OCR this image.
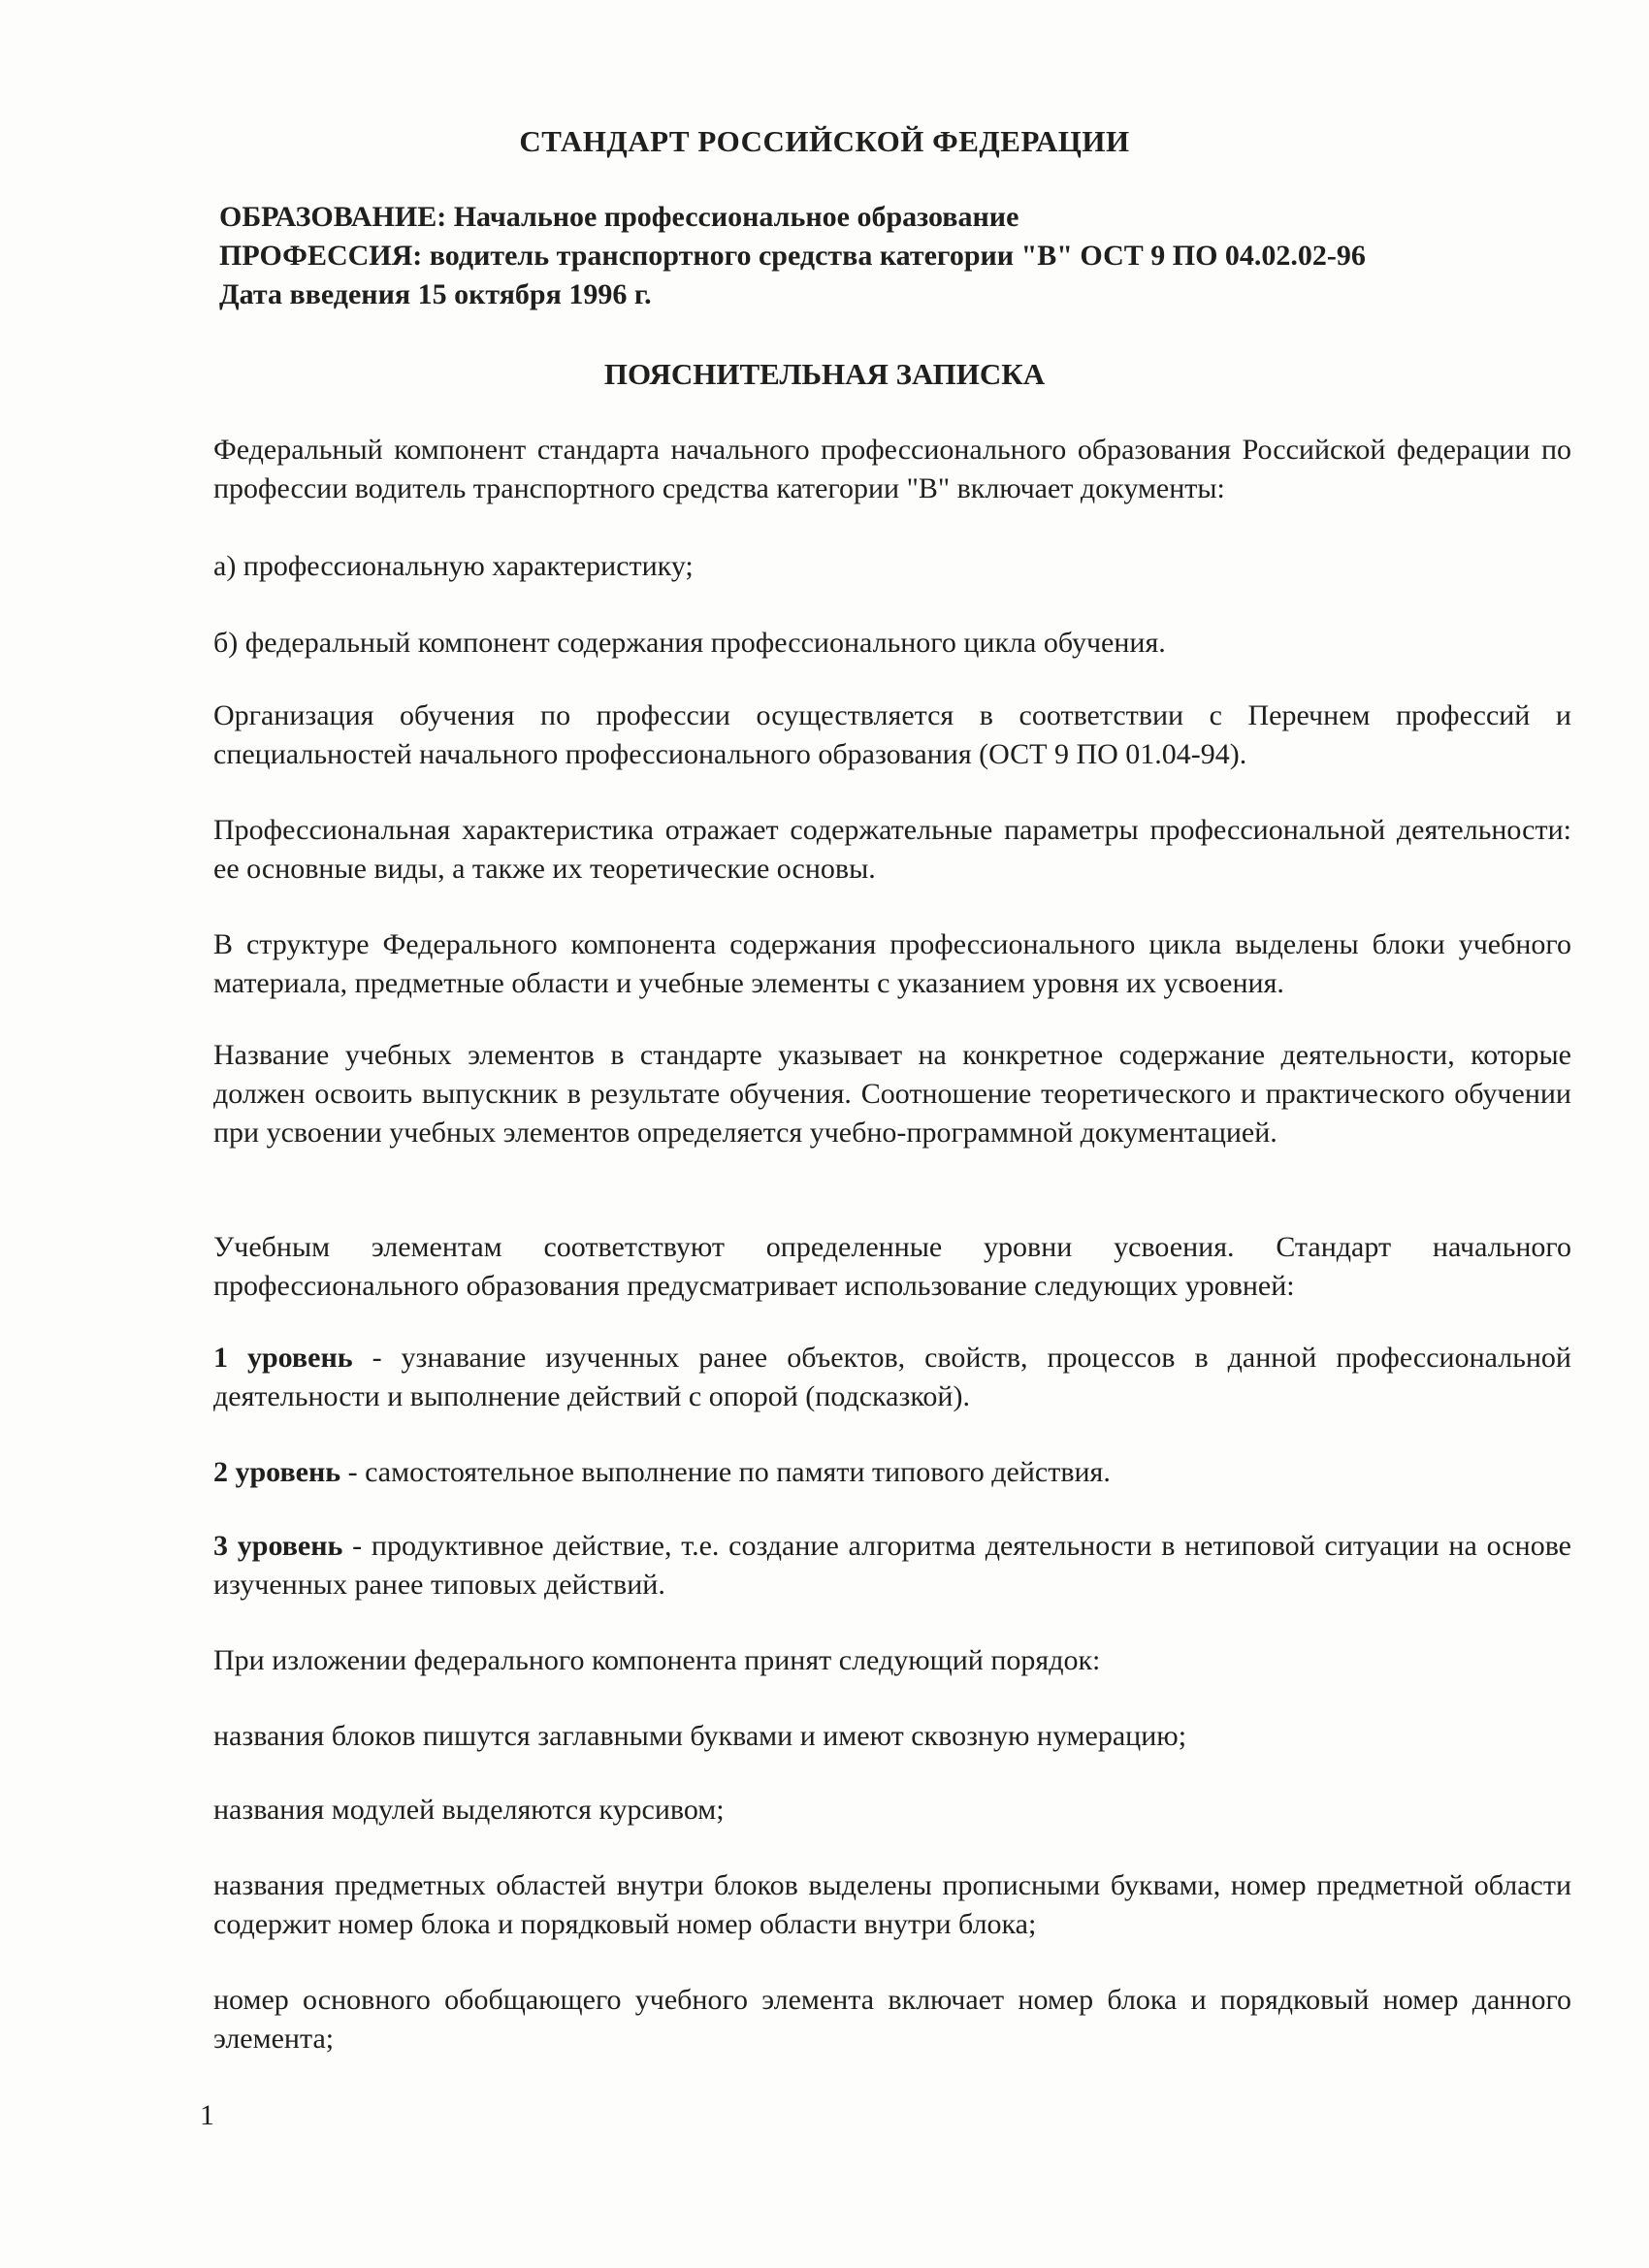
СТАНДАРТ РОССИЙСКОЙ ФЕДЕРАЦИИ
ОБРАЗОВАНИЕ: Начальное профессиональное образование
ПРОФЕССИЯ: водитель транспортного средства категории "В" ОСТ 9 ПО 04.02.02-96
Дата введения 15 октября 1996 г.
ПОЯСНИТЕЛЬНАЯ ЗАПИСКА
Федеральный компонент стандарта начального профессионального образования Российской федерации по профессии водитель транспортного средства категории "В" включает документы:
а) профессиональную характеристику;
б) федеральный компонент содержания профессионального цикла обучения.
Организация обучения по профессии осуществляется в соответствии с Перечнем профессий и специальностей начального профессионального образования (ОСТ 9 ПО 01.04-94).
Профессиональная характеристика отражает содержательные параметры профессиональной деятельности: ее основные виды, а также их теоретические основы.
В структуре Федерального компонента содержания профессионального цикла выделены блоки учебного материала, предметные области и учебные элементы с указанием уровня их усвоения.
Название учебных элементов в стандарте указывает на конкретное содержание деятельности, которые должен освоить выпускник в результате обучения. Соотношение теоретического и практического обучении при усвоении учебных элементов определяется учебно-программной документацией.
Учебным элементам соответствуют определенные уровни усвоения. Стандарт начального профессионального образования предусматривает использование следующих уровней:
1 уровень - узнавание изученных ранее объектов, свойств, процессов в данной профессиональной деятельности и выполнение действий с опорой (подсказкой).
2 уровень - самостоятельное выполнение по памяти типового действия.
3 уровень - продуктивное действие, т.е. создание алгоритма деятельности в нетиповой ситуации на основе изученных ранее типовых действий.
При изложении федерального компонента принят следующий порядок:
названия блоков пишутся заглавными буквами и имеют сквозную нумерацию;
названия модулей выделяются курсивом;
названия предметных областей внутри блоков выделены прописными буквами, номер предметной области содержит номер блока и порядковый номер области внутри блока;
номер основного обобщающего учебного элемента включает номер блока и порядковый номер данного элемента;
1
